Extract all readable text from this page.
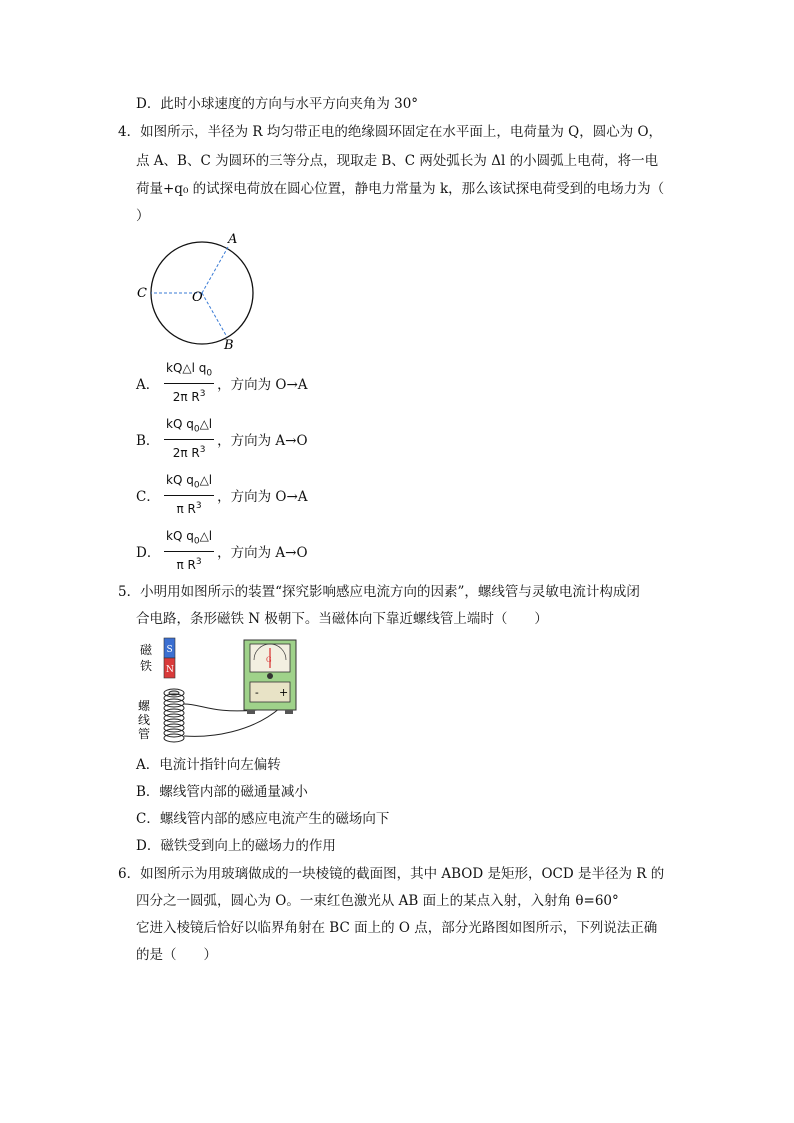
D．此时小球速度的方向与水平方向夹角为 30°
4．如图所示，半径为 R 均匀带正电的绝缘圆环固定在水平面上，电荷量为 Q，圆心为 O，
点 A、B、C 为圆环的三等分点，现取走 B、C 两处弧长为 Δl 的小圆弧上电荷，将一电
荷量+q₀ 的试探电荷放在圆心位置，静电力常量为 k，那么该试探电荷受到的电场力为（
）
A
B
C	O
A． $\frac{kQ\triangle l q_0}{2\pi R^3}$ ，方向为 O→A
B． $\frac{kQ q_0\triangle l}{2\pi R^3}$ ，方向为 A→O
C． $\frac{kQ q_0\triangle l}{\pi R^3}$ ，方向为 O→A
D． $\frac{kQ q_0\triangle l}{\pi R^3}$ ，方向为 A→O
5．小明用如图所示的装置“探究影响感应电流方向的因素”，螺线管与灵敏电流计构成闭
合电路，条形磁铁 N 极朝下。当磁体向下靠近螺线管上端时（　　）
磁
铁
S
N
螺
线
管
G
- +
A．电流计指针向左偏转
B．螺线管内部的磁通量减小
C．螺线管内部的感应电流产生的磁场向下
D．磁铁受到向上的磁场力的作用
6．如图所示为用玻璃做成的一块棱镜的截面图，其中 ABOD 是矩形，OCD 是半径为 R 的
四分之一圆弧，圆心为 O。一束红色激光从 AB 面上的某点入射，入射角 θ=60°
它进入棱镜后恰好以临界角射在 BC 面上的 O 点，部分光路图如图所示，下列说法正确
的是（　　）
